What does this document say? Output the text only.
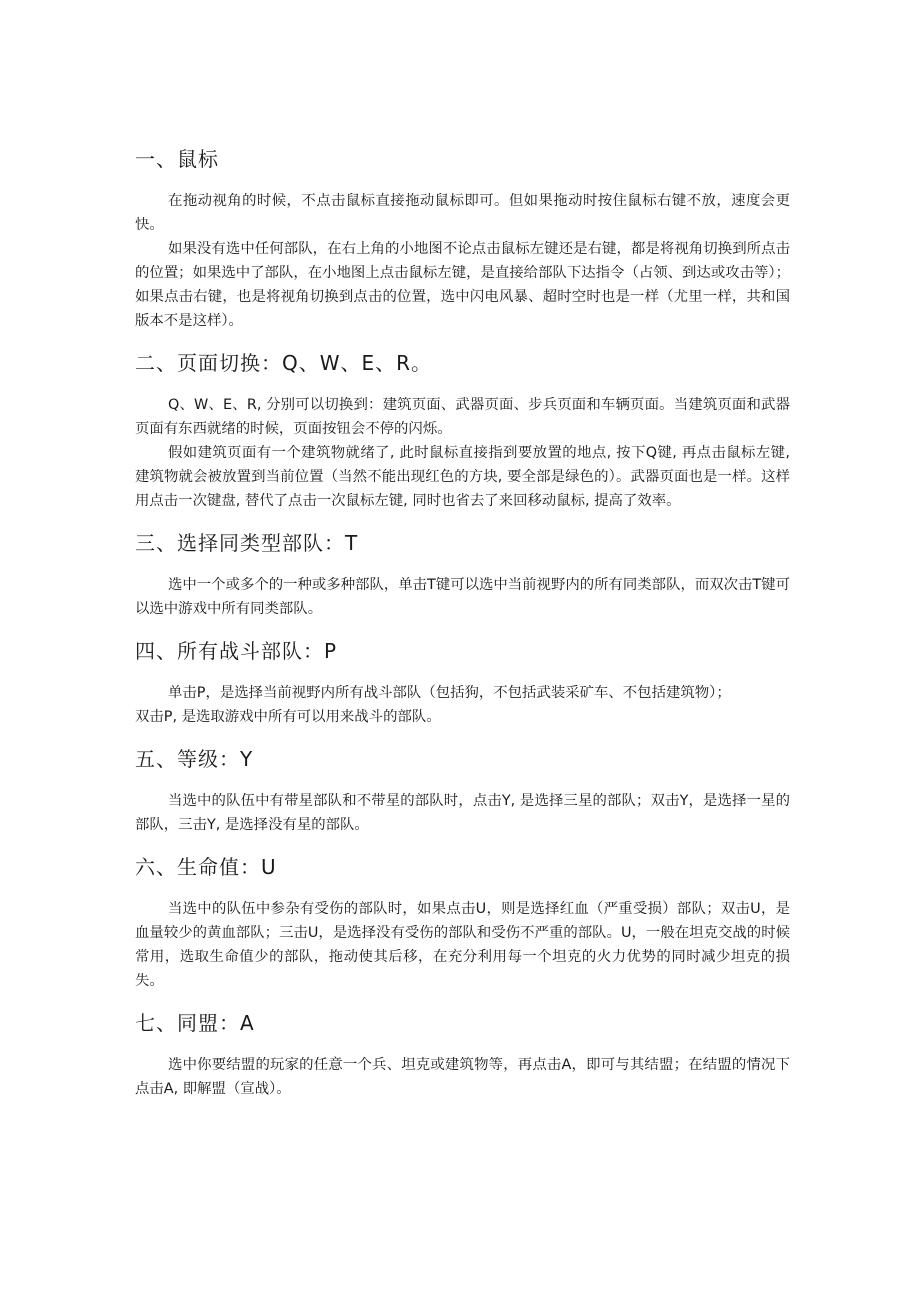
一、鼠标

在拖动视角的时候，不点击鼠标直接拖动鼠标即可。但如果拖动时按住鼠标右键不放，速度会更快。

如果没有选中任何部队，在右上角的小地图不论点击鼠标左键还是右键，都是将视角切换到所点击的位置；如果选中了部队，在小地图上点击鼠标左键，是直接给部队下达指令（占领、到达或攻击等）；如果点击右键，也是将视角切换到点击的位置，选中闪电风暴、超时空时也是一样（尤里一样，共和国版本不是这样）。

二、页面切换：Q、W、E、R。

Q、W、E、R, 分别可以切换到：建筑页面、武器页面、步兵页面和车辆页面。当建筑页面和武器页面有东西就绪的时候，页面按钮会不停的闪烁。

假如建筑页面有一个建筑物就绪了, 此时鼠标直接指到要放置的地点, 按下Q键, 再点击鼠标左键, 建筑物就会被放置到当前位置（当然不能出现红色的方块, 要全部是绿色的）。武器页面也是一样。这样用点击一次键盘, 替代了点击一次鼠标左键, 同时也省去了来回移动鼠标, 提高了效率。

三、选择同类型部队：T

选中一个或多个的一种或多种部队，单击T键可以选中当前视野内的所有同类部队，而双次击T键可以选中游戏中所有同类部队。

四、所有战斗部队：P

单击P，是选择当前视野内所有战斗部队（包括狗，不包括武装采矿车、不包括建筑物）；

双击P, 是选取游戏中所有可以用来战斗的部队。

五、等级：Y

当选中的队伍中有带星部队和不带星的部队时，点击Y, 是选择三星的部队；双击Y，是选择一星的部队，三击Y, 是选择没有星的部队。

六、生命值：U

当选中的队伍中参杂有受伤的部队时，如果点击U，则是选择红血（严重受损）部队；双击U，是血量较少的黄血部队；三击U，是选择没有受伤的部队和受伤不严重的部队。U，一般在坦克交战的时候常用，选取生命值少的部队，拖动使其后移，在充分利用每一个坦克的火力优势的同时减少坦克的损失。

七、同盟：A

选中你要结盟的玩家的任意一个兵、坦克或建筑物等，再点击A，即可与其结盟；在结盟的情况下点击A, 即解盟（宣战）。
